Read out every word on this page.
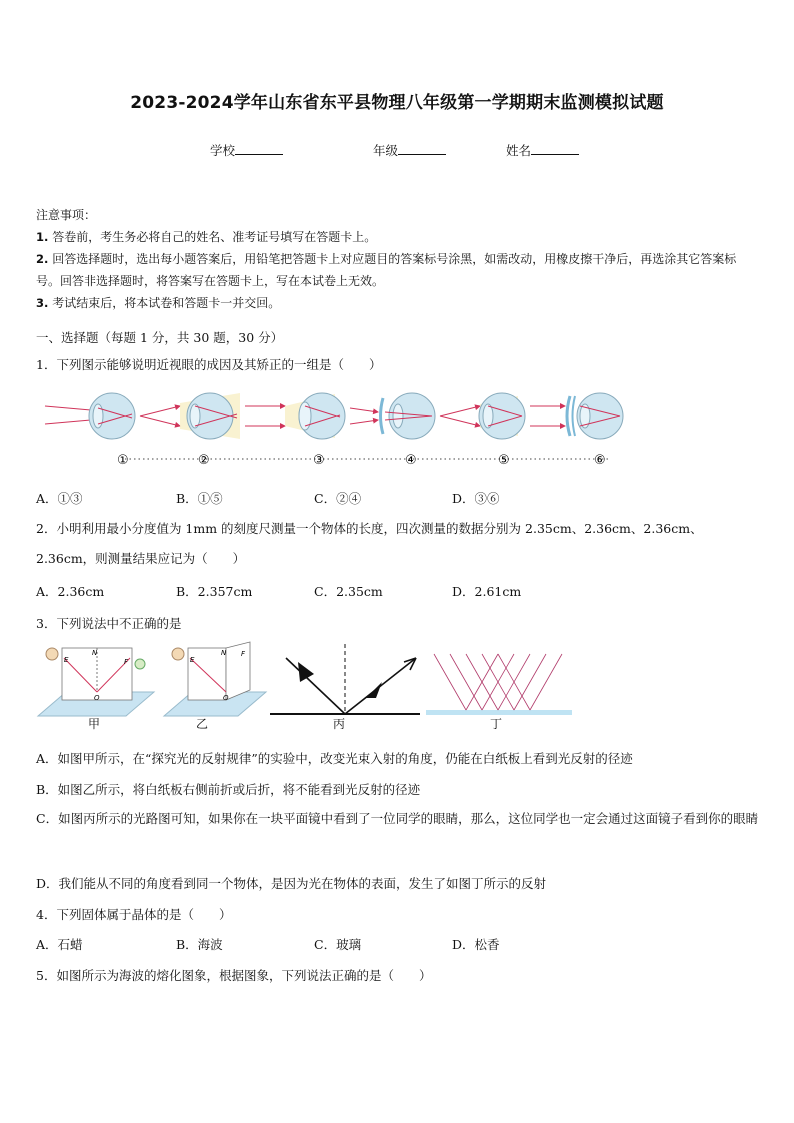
2023-2024学年山东省东平县物理八年级第一学期期末监测模拟试题
学校	年级	姓名
注意事项：
1. 答卷前，考生务必将自己的姓名、准考证号填写在答题卡上。
2. 回答选择题时，选出每小题答案后，用铅笔把答题卡上对应题目的答案标号涂黑，如需改动，用橡皮擦干净后，再选涂其它答案标号。回答非选择题时，将答案写在答题卡上，写在本试卷上无效。
3. 考试结束后，将本试卷和答题卡一并交回。
一、选择题（每题 1 分，共 30 题，30 分）
1．下列图示能够说明近视眼的成因及其矫正的一组是（　　）
①	②	③	④	⑤	⑥
A．①③	B．①⑤	C．②④	D．③⑥
2．小明利用最小分度值为 1mm 的刻度尺测量一个物体的长度，四次测量的数据分别为 2.35cm、2.36cm、2.36cm、2.36cm，则测量结果应记为（　　）
A．2.36cm	B．2.357cm	C．2.35cm	D．2.61cm
3．下列说法中不正确的是
E
N
F
O
甲
E
N F
O
乙	丙	丁
A．如图甲所示，在“探究光的反射规律”的实验中，改变光束入射的角度，仍能在白纸板上看到光反射的径迹
B．如图乙所示，将白纸板右侧前折或后折，将不能看到光反射的径迹
C．如图丙所示的光路图可知，如果你在一块平面镜中看到了一位同学的眼睛，那么，这位同学也一定会通过这面镜子看到你的眼睛
D．我们能从不同的角度看到同一个物体，是因为光在物体的表面，发生了如图丁所示的反射
4．下列固体属于晶体的是（　　）
A．石蜡	B．海波	C．玻璃	D．松香
5．如图所示为海波的熔化图象，根据图象，下列说法正确的是（　　）
